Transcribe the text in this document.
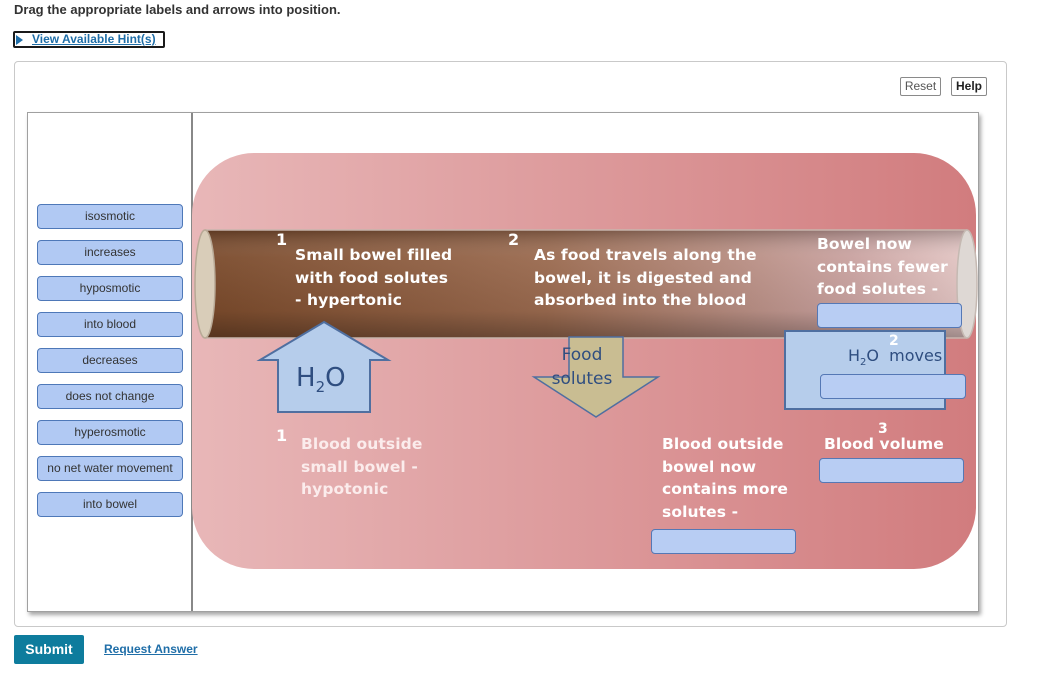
Drag the appropriate labels and arrows into position.
View Available Hint(s)
Reset	Help
isosmotic
increases
hyposmotic
into blood
decreases
does not change
hyperosmotic
no net water movement
into bowel
1
Small bowel filled
with food solutes
- hypertonic
2
As food travels along the
bowel, it is digested and
absorbed into the blood
Bowel now
contains fewer
food solutes -
$H_2O$
Food
solutes
2
$H_2O$  moves
1 Blood outside
small bowel -
hypotonic
Blood outside
bowel now
contains more
solutes -
3
Blood volume
Submit	Request Answer
